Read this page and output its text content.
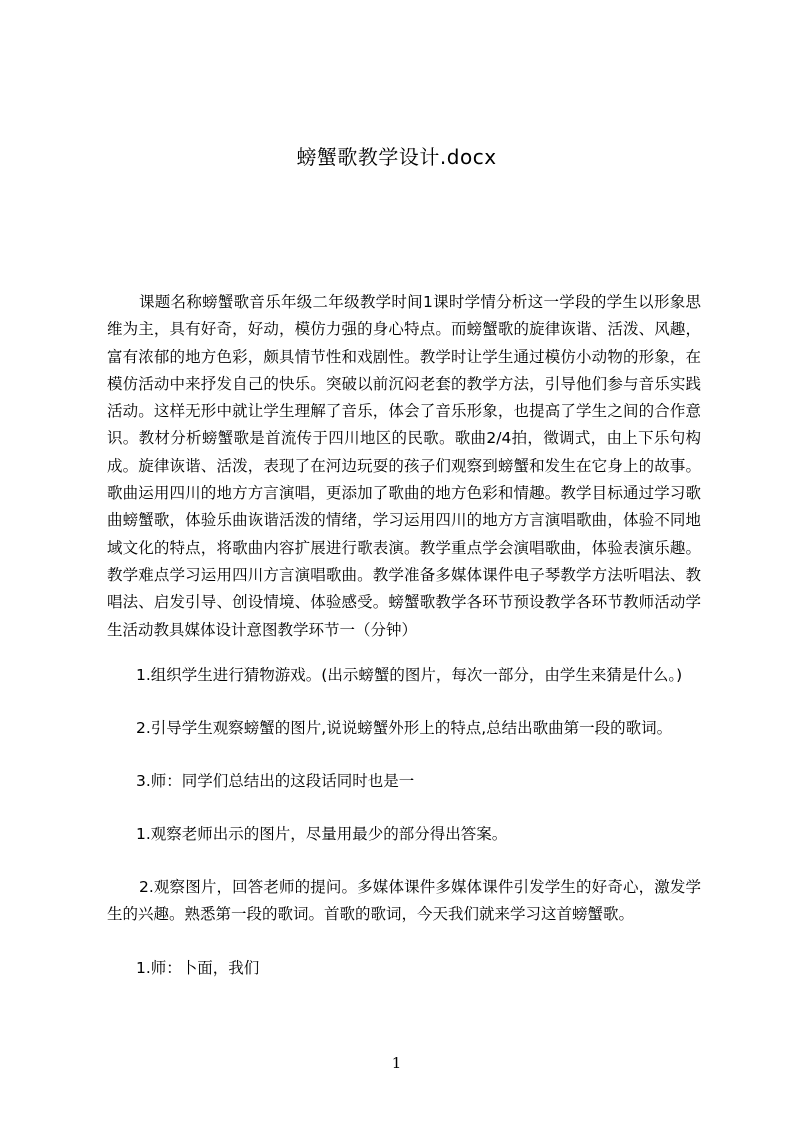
螃蟹歌教学设计.docx

课题名称螃蟹歌音乐年级二年级教学时间1课时学情分析这一学段的学生以形象思维为主，具有好奇，好动，模仿力强的身心特点。而螃蟹歌的旋律诙谐、活泼、风趣，富有浓郁的地方色彩，颇具情节性和戏剧性。教学时让学生通过模仿小动物的形象，在模仿活动中来抒发自己的快乐。突破以前沉闷老套的教学方法，引导他们参与音乐实践活动。这样无形中就让学生理解了音乐，体会了音乐形象，也提高了学生之间的合作意识。教材分析螃蟹歌是首流传于四川地区的民歌。歌曲2/4拍，徵调式，由上下乐句构成。旋律诙谐、活泼，表现了在河边玩耍的孩子们观察到螃蟹和发生在它身上的故事。歌曲运用四川的地方方言演唱，更添加了歌曲的地方色彩和情趣。教学目标通过学习歌曲螃蟹歌，体验乐曲诙谐活泼的情绪，学习运用四川的地方方言演唱歌曲，体验不同地域文化的特点，将歌曲内容扩展进行歌表演。教学重点学会演唱歌曲，体验表演乐趣。教学难点学习运用四川方言演唱歌曲。教学准备多媒体课件电子琴教学方法听唱法、教唱法、启发引导、创设情境、体验感受。螃蟹歌教学各环节预设教学各环节教师活动学生活动教具媒体设计意图教学环节一（分钟）

1.组织学生进行猜物游戏。(出示螃蟹的图片，每次一部分，由学生来猜是什么。)
2.引导学生观察螃蟹的图片,说说螃蟹外形上的特点,总结出歌曲第一段的歌词。
3.师：同学们总结出的这段话同时也是一
1.观察老师出示的图片，尽量用最少的部分得出答案。
2.观察图片，回答老师的提问。多媒体课件多媒体课件引发学生的好奇心，激发学生的兴趣。熟悉第一段的歌词。首歌的歌词，今天我们就来学习这首螃蟹歌。
1.师：卜面，我们
1
